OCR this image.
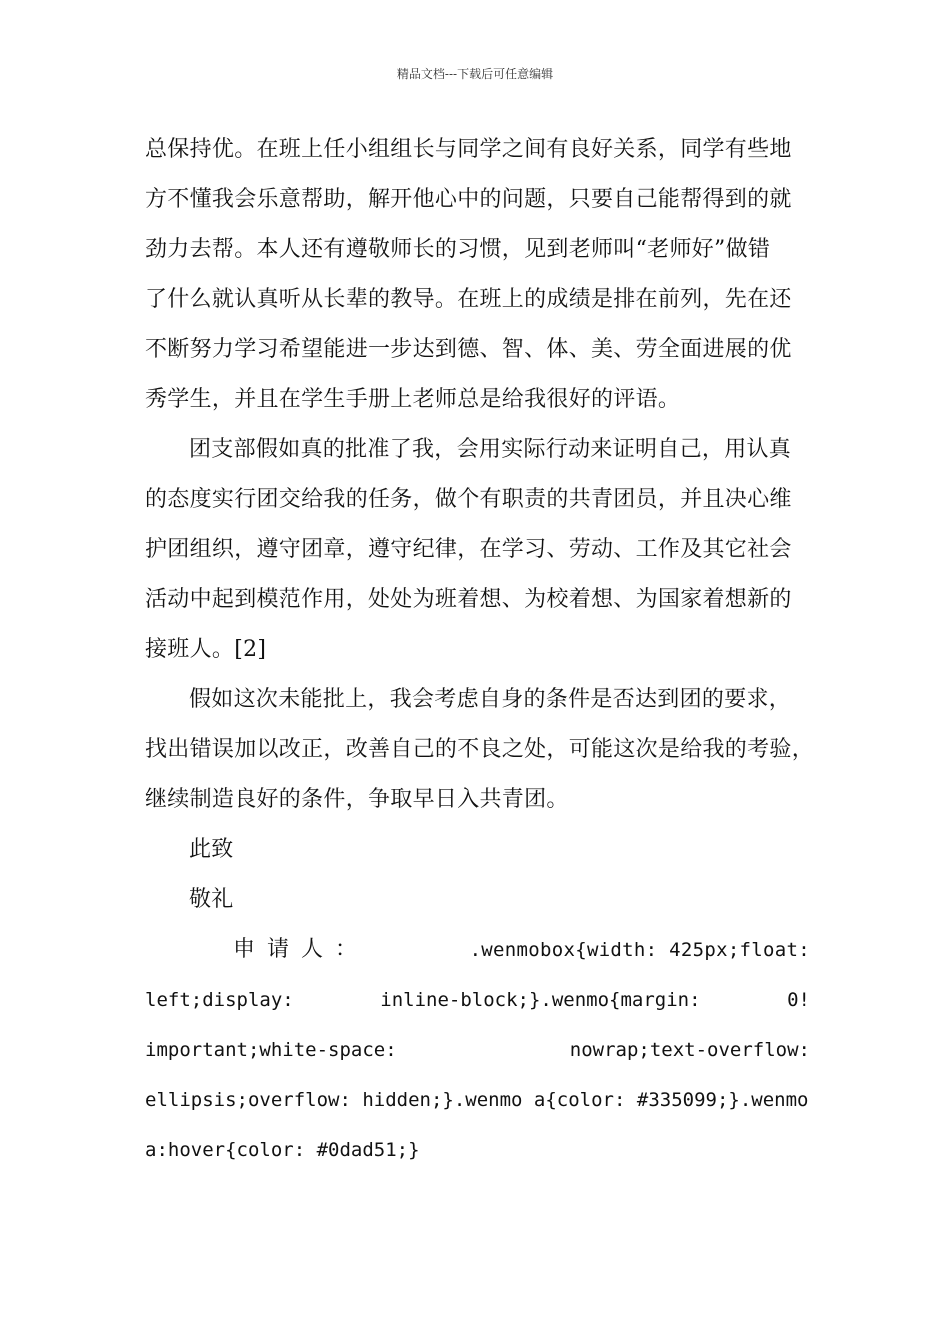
精品文档---下载后可任意编辑
总保持优。在班上任小组组长与同学之间有良好关系，同学有些地
方不懂我会乐意帮助，解开他心中的问题，只要自己能帮得到的就
劲力去帮。本人还有遵敬师长的习惯，见到老师叫“老师好”做错
了什么就认真听从长辈的教导。在班上的成绩是排在前列，先在还
不断努力学习希望能进一步达到德、智、体、美、劳全面进展的优
秀学生，并且在学生手册上老师总是给我很好的评语。
团支部假如真的批准了我，会用实际行动来证明自己，用认真
的态度实行团交给我的任务，做个有职责的共青团员，并且决心维
护团组织，遵守团章，遵守纪律，在学习、劳动、工作及其它社会
活动中起到模范作用，处处为班着想、为校着想、为国家着想新的
接班人。[2]
假如这次未能批上，我会考虑自身的条件是否达到团的要求，
找出错误加以改正，改善自己的不良之处，可能这次是给我的考验，
继续制造良好的条件，争取早日入共青团。
此致
敬礼
申请人：	.wenmobox{width: 425px;float:
left;display:	inline-block;}.wenmo{margin:	0!
important;white-space:	nowrap;text-overflow:
ellipsis;overflow: hidden;}.wenmo a{color: #335099;}.wenmo
a:hover{color: #0dad51;}
